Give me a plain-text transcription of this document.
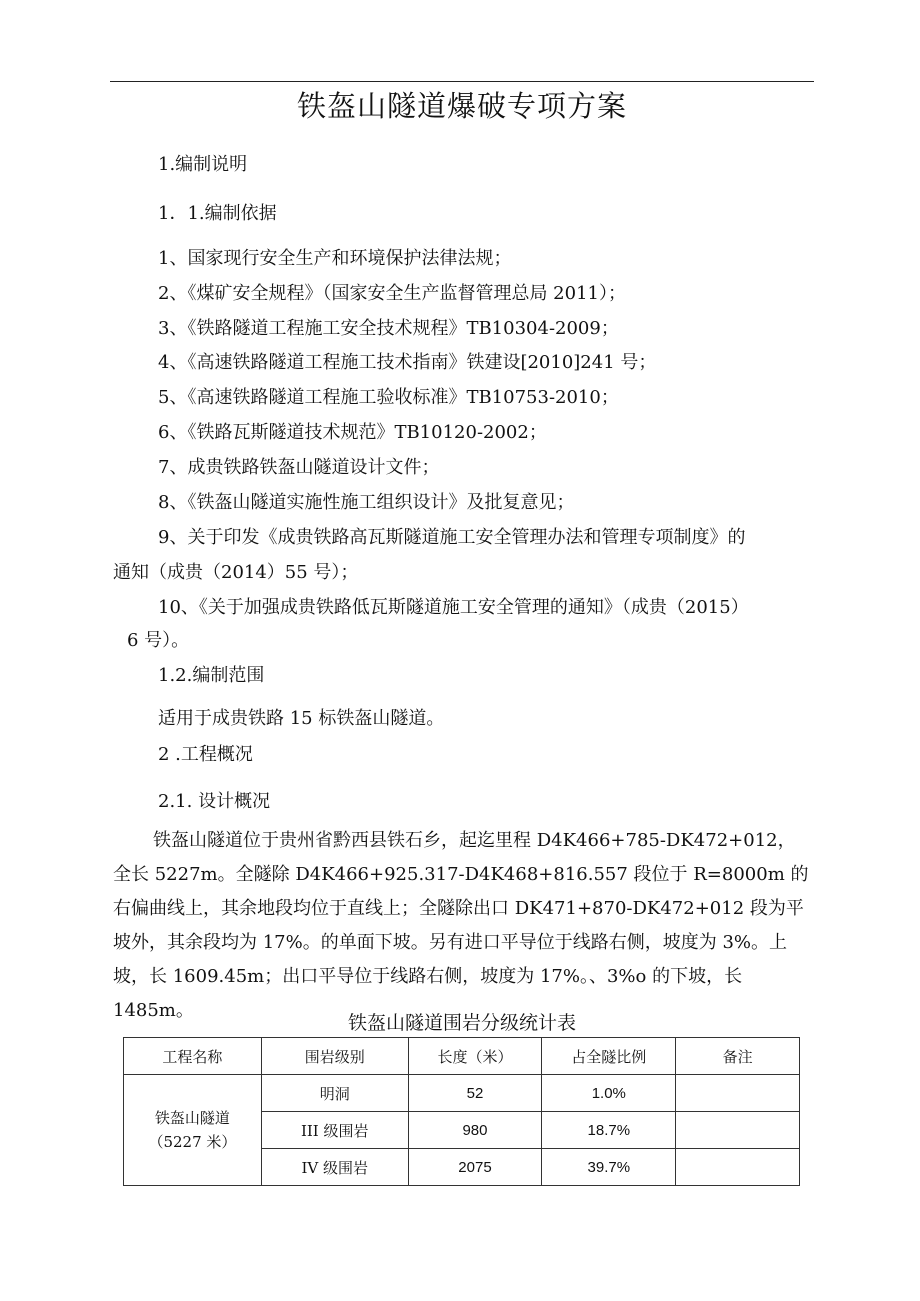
铁盔山隧道爆破专项方案
1.编制说明
1．1.编制依据
1、国家现行安全生产和环境保护法律法规；
2、《煤矿安全规程》（国家安全生产监督管理总局 2011）；
3、《铁路隧道工程施工安全技术规程》TB10304-2009；
4、《高速铁路隧道工程施工技术指南》铁建设[2010]241 号；
5、《高速铁路隧道工程施工验收标准》TB10753-2010；
6、《铁路瓦斯隧道技术规范》TB10120-2002；
7、成贵铁路铁盔山隧道设计文件；
8、《铁盔山隧道实施性施工组织设计》及批复意见；
9、关于印发《成贵铁路高瓦斯隧道施工安全管理办法和管理专项制度》的
通知（成贵（2014）55 号）；
10、《关于加强成贵铁路低瓦斯隧道施工安全管理的通知》（成贵（2015）
6 号）。
1.2.编制范围
适用于成贵铁路 15 标铁盔山隧道。
2 .工程概况
2.1. 设计概况
铁盔山隧道位于贵州省黔西县铁石乡，起迄里程 D4K466+785-DK472+012，全长 5227m。全隧除 D4K466+925.317-D4K468+816.557 段位于 R=8000m 的右偏曲线上，其余地段均位于直线上；全隧除出口 DK471+870-DK472+012 段为平坡外，其余段均为 17%。的单面下坡。另有进口平导位于线路右侧，坡度为 3%。上坡，长 1609.45m；出口平导位于线路右侧，坡度为 17%。、3%o 的下坡，长 1485m。
铁盔山隧道围岩分级统计表
工程名称	围岩级别	长度（米）	占全隧比例	备注
铁盔山隧道（5227 米）	明洞	52	1.0%	
	III 级围岩	980	18.7%	
	IV 级围岩	2075	39.7%	
